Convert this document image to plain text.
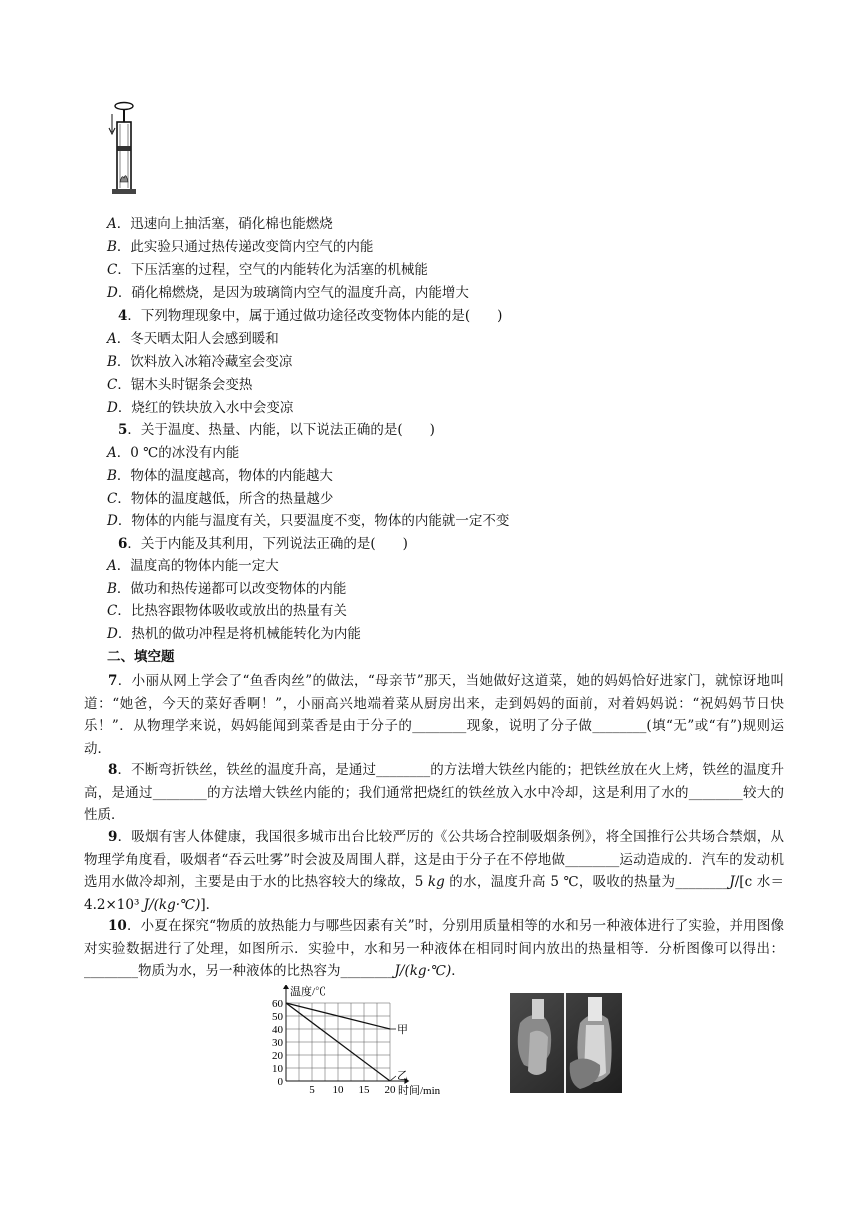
A．迅速向上抽活塞，硝化棉也能燃烧
B．此实验只通过热传递改变筒内空气的内能
C．下压活塞的过程，空气的内能转化为活塞的机械能
D．硝化棉燃烧，是因为玻璃筒内空气的温度升高，内能增大
4．下列物理现象中，属于通过做功途径改变物体内能的是(　　)
A．冬天晒太阳人会感到暖和
B．饮料放入冰箱冷藏室会变凉
C．锯木头时锯条会变热
D．烧红的铁块放入水中会变凉
5．关于温度、热量、内能，以下说法正确的是(　　)
A．0 ℃的冰没有内能
B．物体的温度越高，物体的内能越大
C．物体的温度越低，所含的热量越少
D．物体的内能与温度有关，只要温度不变，物体的内能就一定不变
6．关于内能及其利用，下列说法正确的是(　　)
A．温度高的物体内能一定大
B．做功和热传递都可以改变物体的内能
C．比热容跟物体吸收或放出的热量有关
D．热机的做功冲程是将机械能转化为内能
二、填空题

7．小丽从网上学会了“鱼香肉丝”的做法，“母亲节”那天，当她做好这道菜，她的妈妈恰好进家门，就惊讶地叫道：“她爸，今天的菜好香啊！”，小丽高兴地端着菜从厨房出来，走到妈妈的面前，对着妈妈说：“祝妈妈节日快乐！”．从物理学来说，妈妈能闻到菜香是由于分子的________现象，说明了分子做________(填“无”或“有”)规则运动．

8．不断弯折铁丝，铁丝的温度升高，是通过________的方法增大铁丝内能的；把铁丝放在火上烤，铁丝的温度升高，是通过________的方法增大铁丝内能的；我们通常把烧红的铁丝放入水中冷却，这是利用了水的________较大的性质．

9．吸烟有害人体健康，我国很多城市出台比较严厉的《公共场合控制吸烟条例》，将全国推行公共场合禁烟，从物理学角度看，吸烟者“吞云吐雾”时会波及周围人群，这是由于分子在不停地做________运动造成的．汽车的发动机选用水做冷却剂，主要是由于水的比热容较大的缘故，5 kg 的水，温度升高 5 ℃，吸收的热量为________J/[c 水＝4.2×10³ J/(kg·℃)]．

10．小夏在探究“物质的放热能力与哪些因素有关”时，分别用质量相等的水和另一种液体进行了实验，并用图像对实验数据进行了处理，如图所示．实验中，水和另一种液体在相同时间内放出的热量相等．分析图像可以得出：________物质为水，另一种液体的比热容为________J/(kg·℃)．

10
20
30
40
50
60
0
5 10 15 20
温度/℃
时间/min
甲
乙
